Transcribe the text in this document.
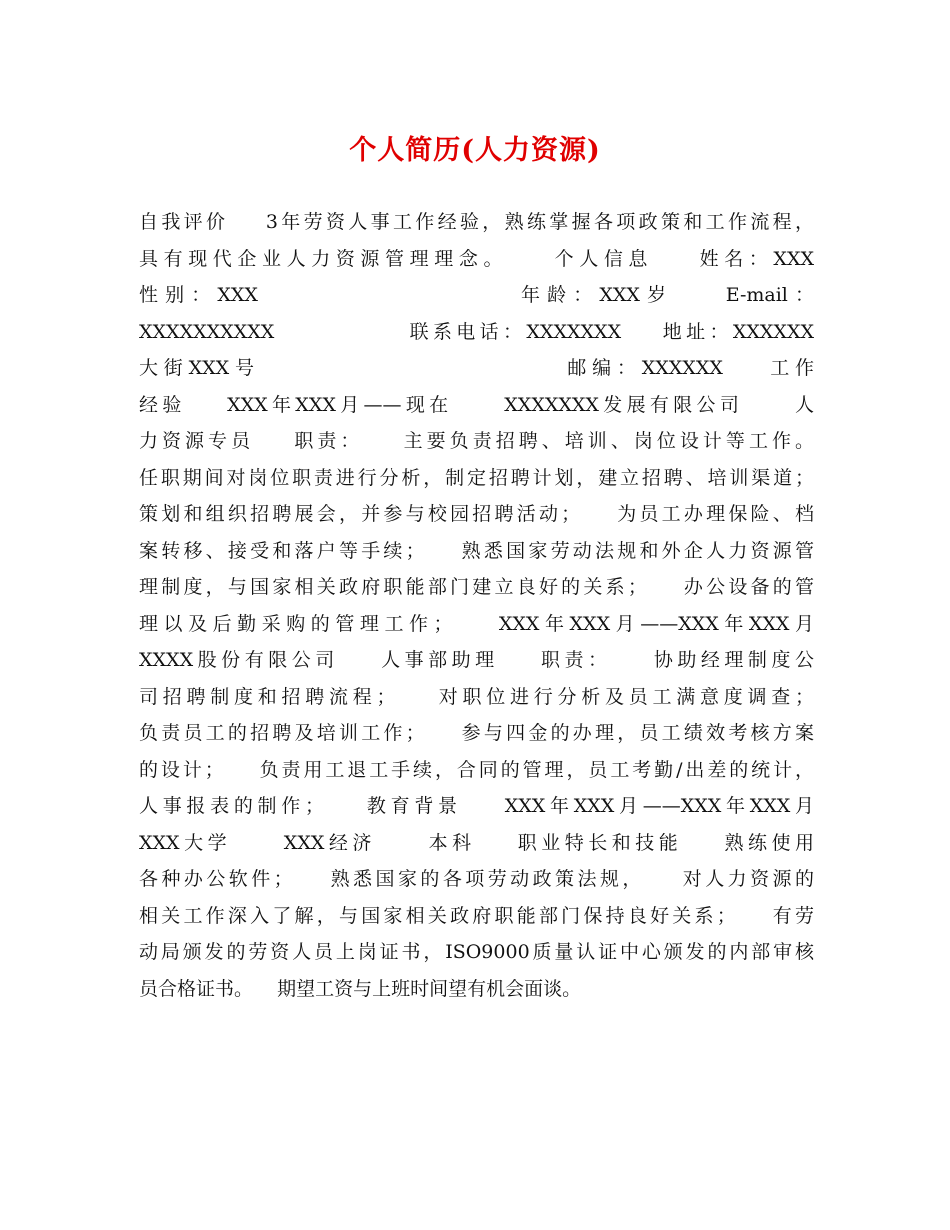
个人简历(人力资源)
自我评价    3年劳资人事工作经验，熟练掌握各项政策和工作流程，
具有现代企业人力资源管理理念。    个人信息    姓名：XXX
性别：XXX                    年龄：XXX岁    E-mail：
XXXXXXXXXX             联系电话：XXXXXXX    地址：XXXXXX
大街XXX号                          邮编：XXXXXX    工作
经验    XXX年XXX月——现在     XXXXXXX发展有限公司     人
力资源专员    职责：    主要负责招聘、培训、岗位设计等工作。
任职期间对岗位职责进行分析，制定招聘计划，建立招聘、培训渠道；
策划和组织招聘展会，并参与校园招聘活动；    为员工办理保险、档
案转移、接受和落户等手续；    熟悉国家劳动法规和外企人力资源管
理制度，与国家相关政府职能部门建立良好的关系；    办公设备的管
理以及后勤采购的管理工作；    XXX年XXX月——XXX年XXX月
XXXX股份有限公司    人事部助理    职责：    协助经理制度公
司招聘制度和招聘流程；    对职位进行分析及员工满意度调查；
负责员工的招聘及培训工作；    参与四金的办理，员工绩效考核方案
的设计；    负责用工退工手续，合同的管理，员工考勤/出差的统计，
人事报表的制作；    教育背景    XXX年XXX月——XXX年XXX月
XXX大学     XXX经济     本科    职业特长和技能    熟练使用
各种办公软件；    熟悉国家的各项劳动政策法规，    对人力资源的
相关工作深入了解，与国家相关政府职能部门保持良好关系；    有劳
动局颁发的劳资人员上岗证书，ISO9000质量认证中心颁发的内部审核
员合格证书。    期望工资与上班时间望有机会面谈。
